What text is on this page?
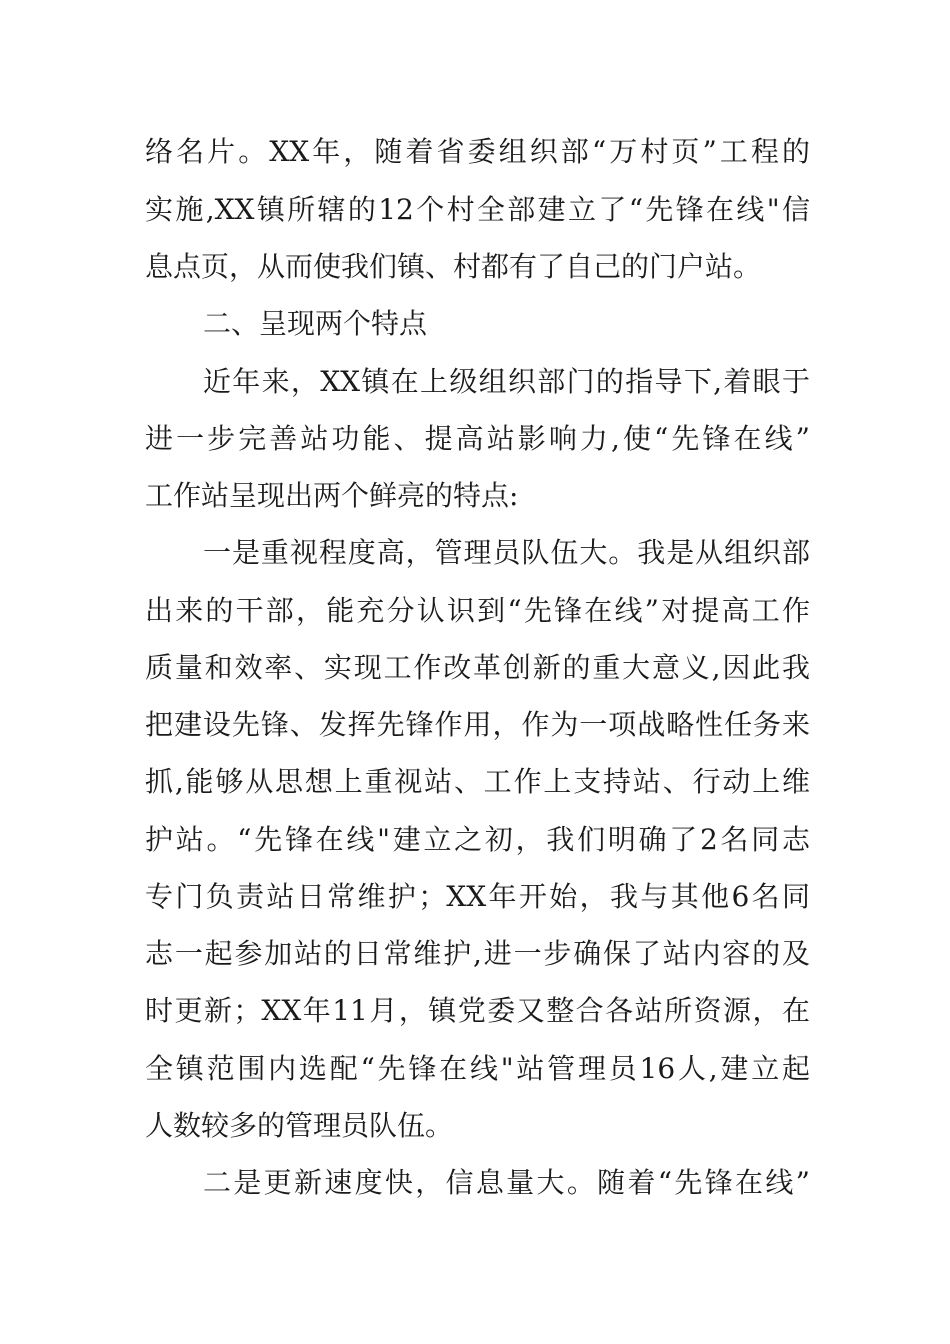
络名片。XX年，随着省委组织部“万村页”工程的
实施,XX镇所辖的12个村全部建立了“先锋在线"信
息点页，从而使我们镇、村都有了自己的门户站。
二、呈现两个特点
近年来，XX镇在上级组织部门的指导下,着眼于
进一步完善站功能、提高站影响力,使“先锋在线”
工作站呈现出两个鲜亮的特点:
一是重视程度高，管理员队伍大。我是从组织部
出来的干部，能充分认识到“先锋在线”对提高工作
质量和效率、实现工作改革创新的重大意义,因此我
把建设先锋、发挥先锋作用，作为一项战略性任务来
抓,能够从思想上重视站、工作上支持站、行动上维
护站。“先锋在线"建立之初，我们明确了2名同志
专门负责站日常维护；XX年开始，我与其他6名同
志一起参加站的日常维护,进一步确保了站内容的及
时更新；XX年11月，镇党委又整合各站所资源，在
全镇范围内选配“先锋在线"站管理员16人,建立起
人数较多的管理员队伍。
二是更新速度快，信息量大。随着“先锋在线”
